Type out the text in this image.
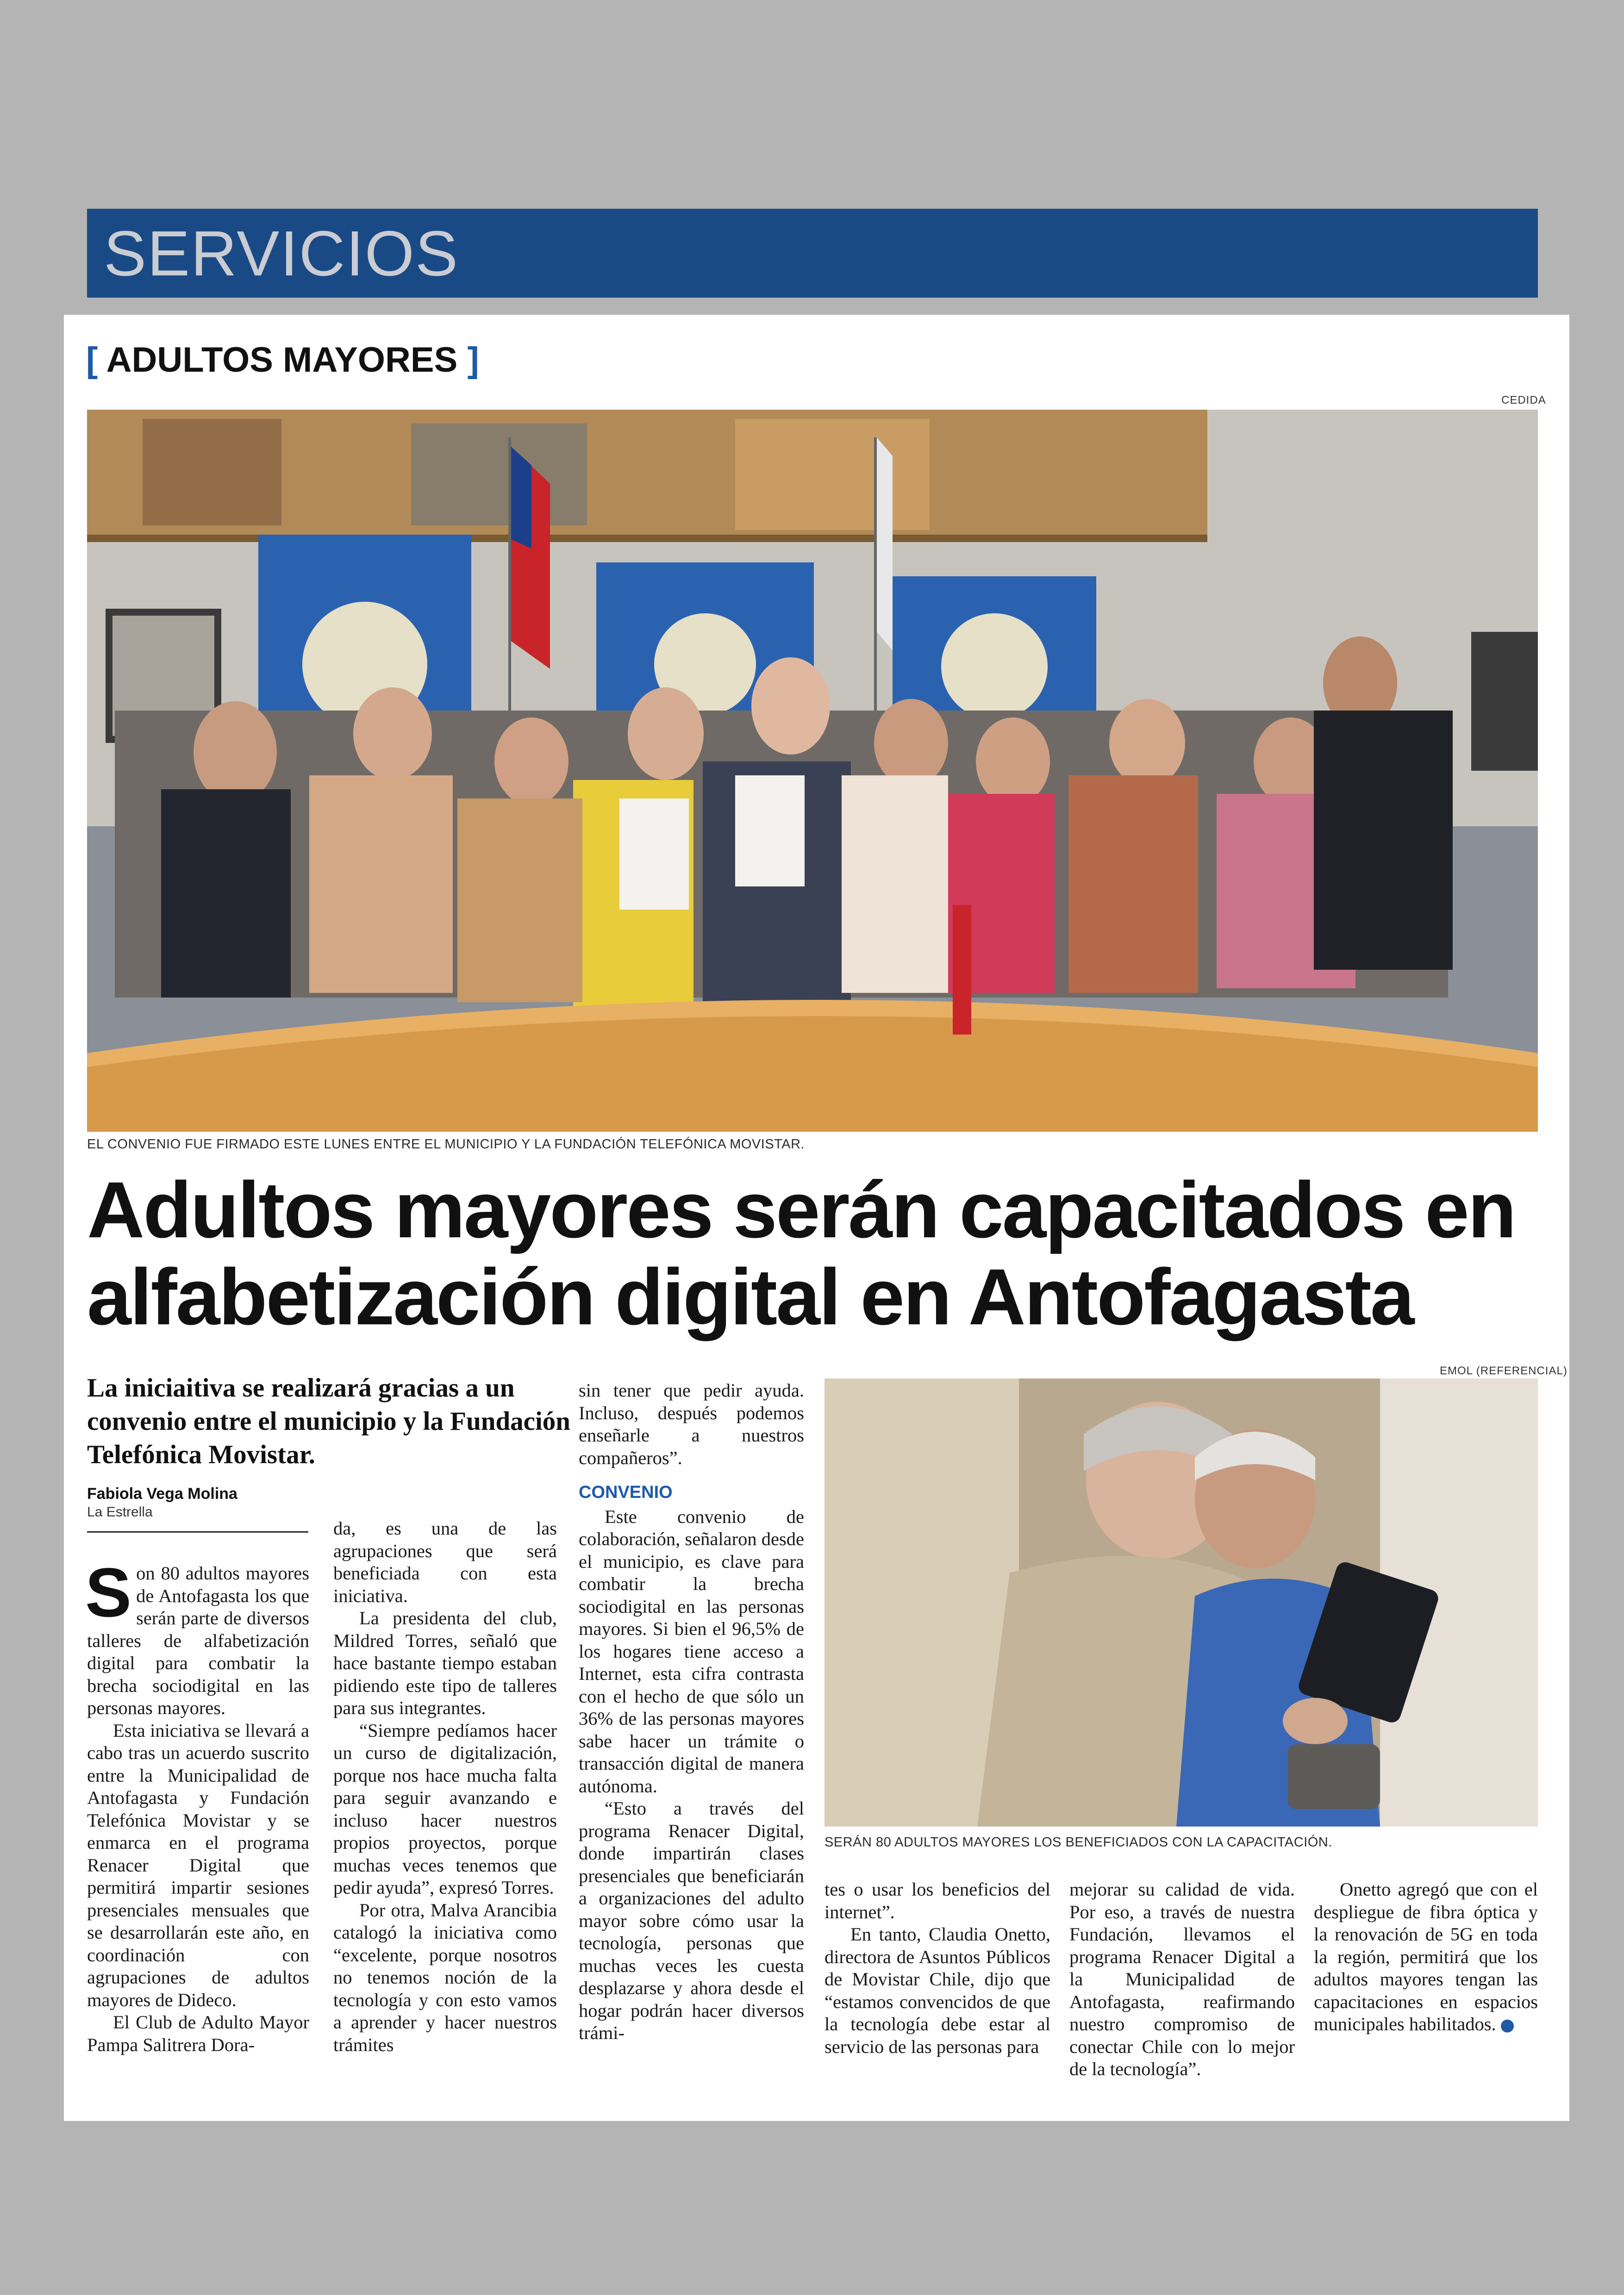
SERVICIOS
[ ADULTOS MAYORES ]
CEDIDA
EL CONVENIO FUE FIRMADO ESTE LUNES ENTRE EL MUNICIPIO Y LA FUNDACIÓN TELEFÓNICA MOVISTAR.
Adultos mayores serán capacitados en
alfabetización digital en Antofagasta
La iniciaitiva se realizará gracias a un convenio entre el municipio y la Fundación Telefónica Movistar.
Fabiola Vega Molina
La Estrella
EMOL (REFERENCIAL)
SERÁN 80 ADULTOS MAYORES LOS BENEFICIADOS CON LA CAPACITACIÓN.

Son 80 adultos mayores de Antofagasta los que serán parte de diversos talleres de alfabetización digital para combatir la brecha sociodigital en las personas mayores.

Esta iniciativa se llevará a cabo tras un acuerdo suscrito entre la Municipalidad de Antofagasta y Fundación Telefónica Movistar y se enmarca en el programa Renacer Digital que permitirá impartir sesiones presenciales mensuales que se desarrollarán este año, en coordinación con agrupaciones de adultos mayores de Dideco.

El Club de Adulto Mayor Pampa Salitrera Dora-

da, es una de las agrupaciones que será beneficiada con esta iniciativa.

La presidenta del club, Mildred Torres, señaló que hace bastante tiempo estaban pidiendo este tipo de talleres para sus integrantes.

“Siempre pedíamos hacer un curso de digitalización, porque nos hace mucha falta para seguir avanzando e incluso hacer nuestros propios proyectos, porque muchas veces tenemos que pedir ayuda”, expresó Torres.

Por otra, Malva Arancibia catalogó la iniciativa como “excelente, porque nosotros no tenemos noción de la tecnología y con esto vamos a aprender y hacer nuestros trámites

sin tener que pedir ayuda. Incluso, después podemos enseñarle a nuestros compañeros”.

CONVENIO

Este convenio de colaboración, señalaron desde el municipio, es clave para combatir la brecha sociodigital en las personas mayores. Si bien el 96,5% de los hogares tiene acceso a Internet, esta cifra contrasta con el hecho de que sólo un 36% de las personas mayores sabe hacer un trámite o transacción digital de manera autónoma.

“Esto a través del programa Renacer Digital, donde impartirán clases presenciales que beneficiarán a organizaciones del adulto mayor sobre cómo usar la tecnología, personas que muchas veces les cuesta desplazarse y ahora desde el hogar podrán hacer diversos trámi-

tes o usar los beneficios del internet”.

En tanto, Claudia Onetto, directora de Asuntos Públicos de Movistar Chile, dijo que “estamos convencidos de que la tecnología debe estar al servicio de las personas para

mejorar su calidad de vida. Por eso, a través de nuestra Fundación, llevamos el programa Renacer Digital a la Municipalidad de Antofagasta, reafirmando nuestro compromiso de conectar Chile con lo mejor de la tecnología”.

Onetto agregó que con el despliegue de fibra óptica y la renovación de 5G en toda la región, permitirá que los adultos mayores tengan las capacitaciones en espacios municipales habilitados.	✪
